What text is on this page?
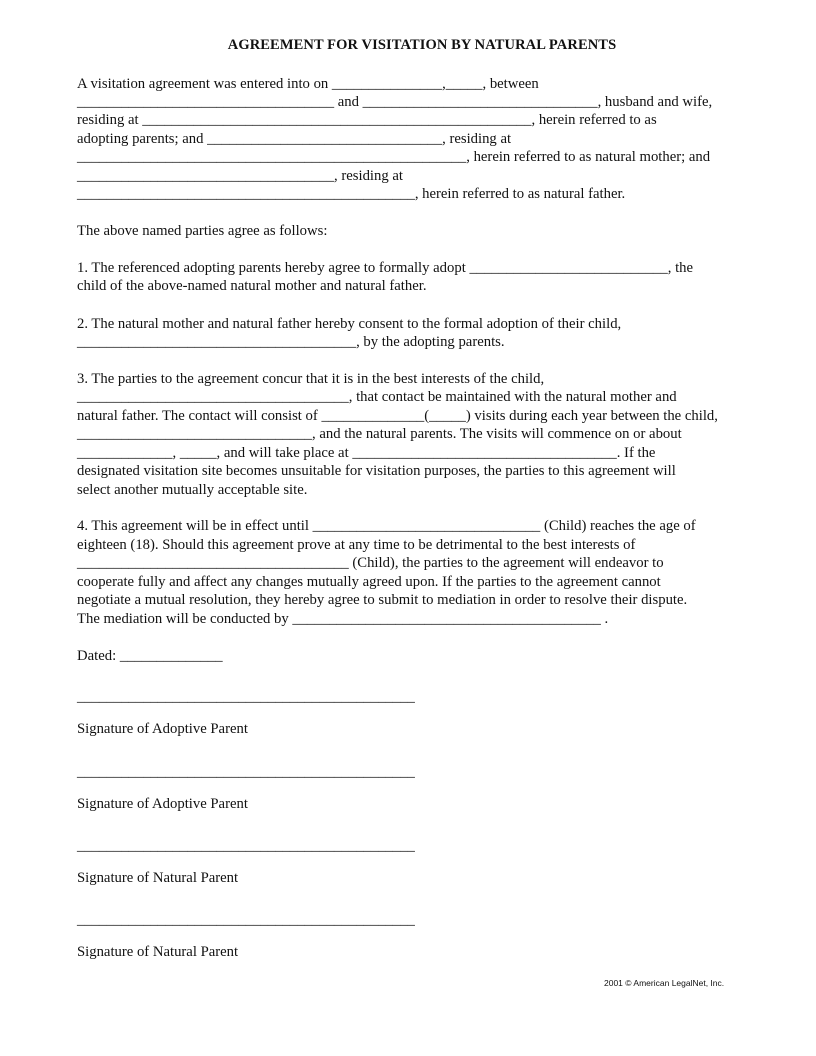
AGREEMENT FOR VISITATION BY NATURAL PARENTS

A visitation agreement was entered into on _______________,_____, between

___________________________________ and ________________________________, husband and wife,

residing at _____________________________________________________, herein referred to as

adopting parents; and ________________________________, residing at

_____________________________________________________, herein referred to as natural mother; and

___________________________________, residing at

______________________________________________, herein referred to as natural father.

The above named parties agree as follows:

1. The referenced adopting parents hereby agree to formally adopt ___________________________, the

child of the above-named natural mother and natural father.

2. The natural mother and natural father hereby consent to the formal adoption of their child,

______________________________________, by the adopting parents.

3. The parties to the agreement concur that it is in the best interests of the child,

_____________________________________, that contact be maintained with the natural mother and

natural father. The contact will consist of ______________(_____) visits during each year between the child,

________________________________, and the natural parents. The visits will commence on or about

_____________, _____, and will take place at ____________________________________. If the

designated visitation site becomes unsuitable for visitation purposes, the parties to this agreement will

select another mutually acceptable site.

4. This agreement will be in effect until _______________________________ (Child) reaches the age of

eighteen (18). Should this agreement prove at any time to be detrimental to the best interests of

_____________________________________ (Child), the parties to the agreement will endeavor to

cooperate fully and affect any changes mutually agreed upon. If the parties to the agreement cannot

negotiate a mutual resolution, they hereby agree to submit to mediation in order to resolve their dispute.

The mediation will be conducted by __________________________________________ .

Dated: ______________

______________________________________________

Signature of Adoptive Parent

______________________________________________

Signature of Adoptive Parent

______________________________________________

Signature of Natural Parent

______________________________________________

Signature of Natural Parent

2001 © American LegalNet, Inc.
